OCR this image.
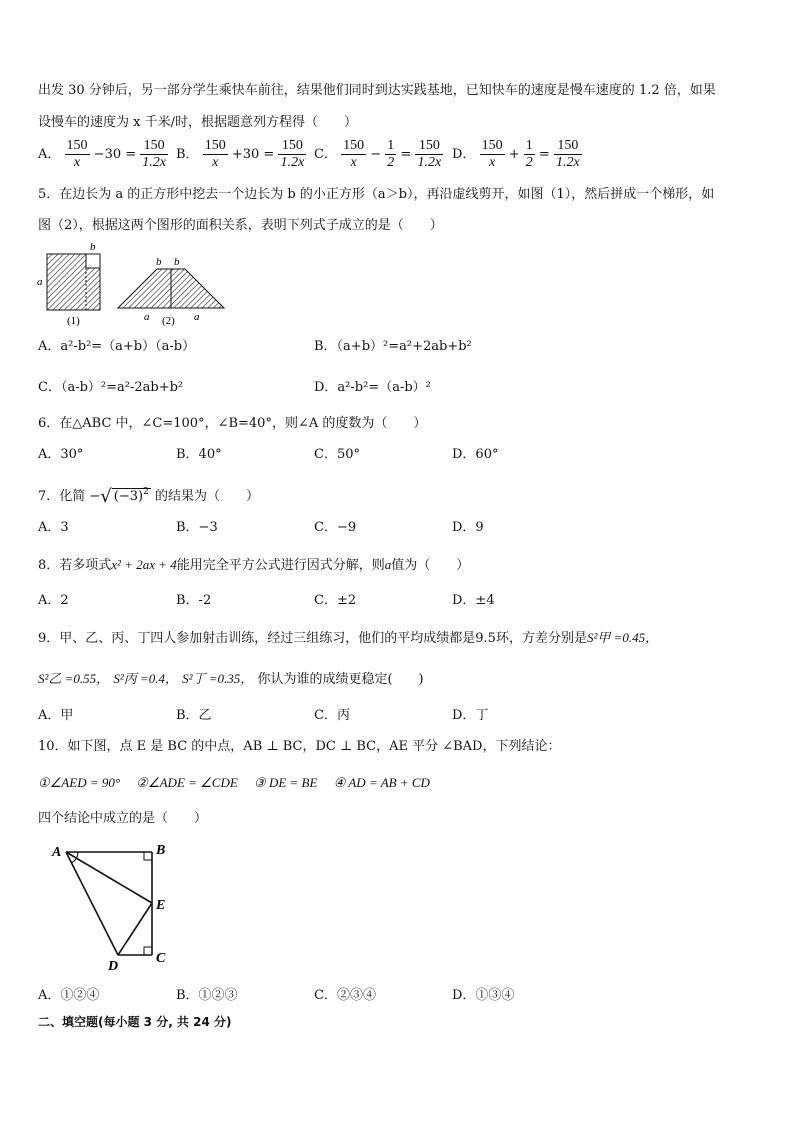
出发 30 分钟后，另一部分学生乘快车前往，结果他们同时到达实践基地，已知快车的速度是慢车速度的 1.2 倍，如果
设慢车的速度为 x 千米/时，根据题意列方程得（　　）
A． $\frac{150}{x} -30 = \frac{150}{1.2x}$ B． $\frac{150}{x} +30 = \frac{150}{1.2x}$ C． $\frac{150}{x} - \frac{1}{2} = \frac{150}{1.2x}$ D． $\frac{150}{x} + \frac{1}{2} = \frac{150}{1.2x}$
5．在边长为 a 的正方形中挖去一个边长为 b 的小正方形（a＞b），再沿虚线剪开，如图（1），然后拼成一个梯形，如
图（2），根据这两个图形的面积关系，表明下列式子成立的是（　　）
b
a
(1)
b b
a (2) a
A．a²-b²=（a+b）（a-b）	B．（a+b）²=a²+2ab+b²
C．（a-b）²=a²-2ab+b²	D．a²-b²=（a-b）²
6．在△ABC 中，∠C=100°，∠B=40°，则∠A 的度数为（　　）
A．30°	B．40°	C．50°	D．60°
7．化简 −√ $(-3)^2$ 的结果为（　　）
A．3	B．−3	C．−9	D．9
8．若多项式x² + 2ax + 4能用完全平方公式进行因式分解，则a值为（　　）
A．2	B．-2	C．±2	D．±4
9．甲、乙、丙、丁四人参加射击训练，经过三组练习，他们的平均成绩都是9.5环，方差分别是S²甲 =0.45，
S²乙 =0.55， S²丙 =0.4， S²丁 =0.35， 你认为谁的成绩更稳定(　　)
A．甲	B．乙	C．丙	D．丁
10．如下图，点 E 是 BC 的中点，AB ⊥ BC，DC ⊥ BC，AE 平分 ∠BAD，下列结论：
①∠AED = 90°　 ②∠ADE = ∠CDE　 ③ DE = BE　 ④ AD = AB + CD
四个结论中成立的是（　　）
A	B
E
C
D
A．①②④	B．①②③	C．②③④	D．①③④
二、填空题(每小题 3 分, 共 24 分)
